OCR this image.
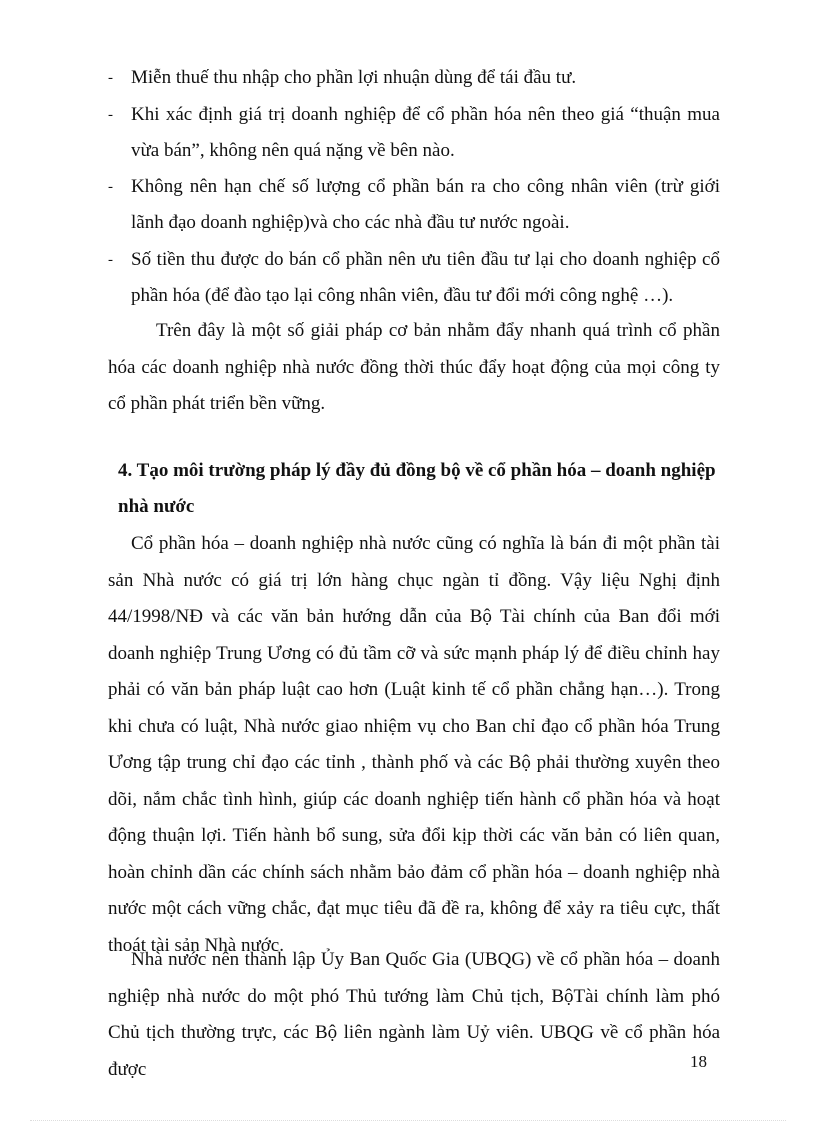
- Miễn thuế thu nhập cho phần lợi nhuận dùng để tái đầu tư.
- Khi xác định giá trị doanh nghiệp để cổ phần hóa nên theo giá “thuận mua vừa bán”, không nên quá nặng về bên nào.
- Không nên hạn chế số lượng cổ phần bán ra cho công nhân viên (trừ giới lãnh đạo doanh nghiệp)và cho các nhà đầu tư nước ngoài.
- Số tiền thu được do bán cổ phần nên ưu tiên đầu tư lại cho doanh nghiệp cổ phần hóa (để đào tạo lại công nhân viên, đầu tư đổi mới công nghệ …).
Trên đây là một số giải pháp cơ bản nhằm đẩy nhanh quá trình cổ phần hóa các doanh nghiệp nhà nước đồng thời thúc đẩy hoạt động của mọi công ty cổ phần phát triển bền vững.
4. Tạo môi trường pháp lý đầy đủ đồng bộ về cổ phần hóa – doanh nghiệp nhà nước
Cổ phần hóa – doanh nghiệp nhà nước cũng có nghĩa là bán đi một phần tài sản Nhà nước có giá trị lớn hàng chục ngàn tỉ đồng. Vậy liệu Nghị định 44/1998/NĐ và các văn bản hướng dẫn của Bộ Tài chính của Ban đổi mới doanh nghiệp Trung Ương có đủ tầm cỡ và sức mạnh pháp lý để điều chỉnh hay phải có văn bản pháp luật cao hơn (Luật kinh tế cổ phần chẳng hạn…). Trong khi chưa có luật, Nhà nước giao nhiệm vụ cho Ban chỉ đạo cổ phần hóa Trung Ương tập trung chỉ đạo các tỉnh , thành phố và các Bộ phải thường xuyên theo dõi, nắm chắc tình hình, giúp các doanh nghiệp tiến hành cổ phần hóa và hoạt động thuận lợi. Tiến hành bổ sung, sửa đổi kịp thời các văn bản có liên quan, hoàn chỉnh dần các chính sách nhằm bảo đảm cổ phần hóa – doanh nghiệp nhà nước một cách vững chắc, đạt mục tiêu đã đề ra, không để xảy ra tiêu cực, thất thoát tài sản Nhà nước.
Nhà nước nên thành lập Ủy Ban Quốc Gia (UBQG) về cổ phần hóa – doanh nghiệp nhà nước do một phó Thủ tướng làm Chủ tịch, BộTài chính làm phó Chủ tịch thường trực, các Bộ liên ngành làm Uỷ viên. UBQG về cổ phần hóa được	18
